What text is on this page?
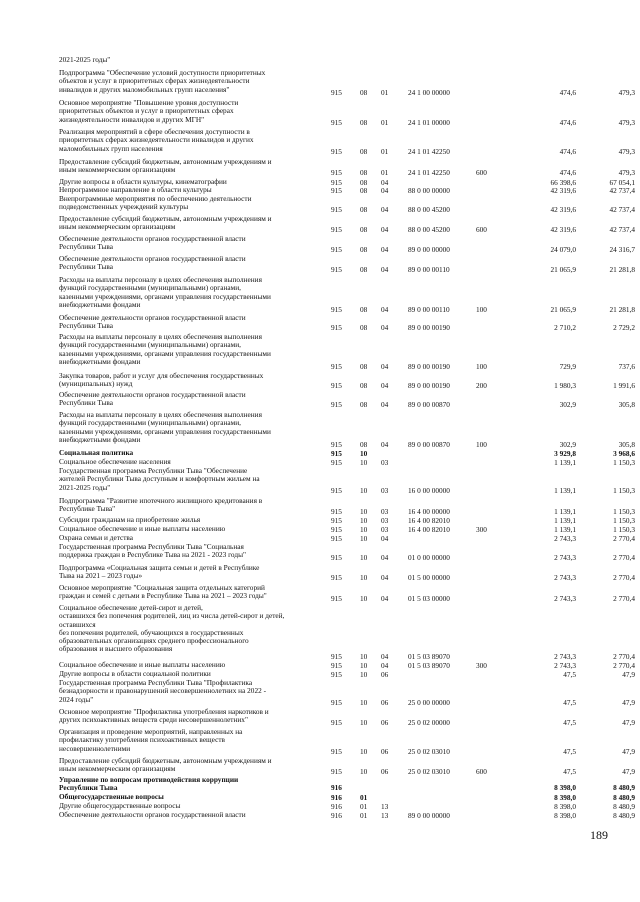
2021-2025 годы"
Подпрограмма "Обеспечение условий доступности приоритетных
объектов и услуг в приоритетных сферах жизнедеятельности
инвалидов и других маломобильных групп населения"	915 08 01	24 1 00 00000	474,6	479,3
Основное мероприятие "Повышение уровня доступности
приоритетных объектов и услуг в приоритетных сферах
жизнедеятельности инвалидов и других МГН"	915 08 01	24 1 01 00000	474,6	479,3
Реализация мероприятий в сфере обеспечения доступности в
приоритетных сферах жизнедеятельности инвалидов и других
маломобильных групп населения	915 08 01	24 1 01 42250	474,6	479,3
Предоставление субсидий бюджетным, автономным учреждениям и
иным некоммерческим организациям	915 08 01	24 1 01 42250	600	474,6	479,3
Другие вопросы в области культуры, кинематографии	915 08 04	66 398,6	67 054,1
Непрограммное направление в области культуры	915 08 04	88 0 00 00000	42 319,6	42 737,4
Внепрограммные мероприятия по обеспечению деятельности
подведомственных учреждений культуры	915 08 04	88 0 00 45200	42 319,6	42 737,4
Предоставление субсидий бюджетным, автономным учреждениям и
иным некоммерческим организациям	915 08 04	88 0 00 45200	600	42 319,6	42 737,4
Обеспечение деятельности органов государственной власти
Республики Тыва	915 08 04	89 0 00 00000	24 079,0	24 316,7
Обеспечение деятельности органов государственной власти
Республики Тыва	915 08 04	89 0 00 00110	21 065,9	21 281,8
Расходы на выплаты персоналу в целях обеспечения выполнения
функций государственными (муниципальными) органами,
казенными учреждениями, органами управления государственными
внебюджетными фондами
915 08 04	89 0 00 00110	100	21 065,9	21 281,8
Обеспечение деятельности органов государственной власти
Республики Тыва	915 08 04	89 0 00 00190	2 710,2	2 729,2
Расходы на выплаты персоналу в целях обеспечения выполнения
функций государственными (муниципальными) органами,
казенными учреждениями, органами управления государственными
внебюджетными фондами
915 08 04	89 0 00 00190	100	729,9	737,6
Закупка товаров, работ и услуг для обеспечения государственных
(муниципальных) нужд	915 08 04	89 0 00 00190	200	1 980,3	1 991,6
Обеспечение деятельности органов государственной власти
Республики Тыва	915 08 04	89 0 00 00870	302,9	305,8
Расходы на выплаты персоналу в целях обеспечения выполнения
функций государственными (муниципальными) органами,
казенными учреждениями, органами управления государственными
внебюджетными фондами
915 08 04	89 0 00 00870	100	302,9	305,8
Социальная политика	915 10	3 929,8	3 968,6
Социальное обеспечение населения	915 10 03	1 139,1	1 150,3
Государственная программа Республики Тыва "Обеспечение
жителей Республики Тыва доступным и комфортным жильем на
2021-2025 годы"	915 10 03	16 0 00 00000	1 139,1	1 150,3
Подпрограмма "Развитие ипотечного жилищного кредитования в
Республике Тыва"	915 10 03	16 4 00 00000	1 139,1	1 150,3
Субсидии гражданам на приобретение жилья	915 10 03	16 4 00 82010	1 139,1	1 150,3
Социальное обеспечение и иные выплаты населению	915 10 03	16 4 00 82010	300	1 139,1	1 150,3
Охрана семьи и детства	915 10 04	2 743,3	2 770,4
Государственная программа Республики Тыва "Социальная
поддержка граждан в Республике Тыва на 2021 - 2023 годы"	915 10 04	01 0 00 00000	2 743,3	2 770,4
Подпрограмма «Социальная защита семьи и детей в Республике
Тыва на 2021 – 2023 годы»	915 10 04	01 5 00 00000	2 743,3	2 770,4
Основное мероприятие "Социальная защита отдельных категорий
граждан и семей с детьми в Республике Тыва на 2021 – 2023 годы"	915 10 04	01 5 03 00000	2 743,3	2 770,4
Социальное обеспечение детей-сирот и детей,
оставшихся без попечения родителей, лиц из числа детей-сирот и детей, оставшихся
без попечения родителей, обучающихся в государственных
образовательных организациях среднего профессионального
образования и высшего образования
915 10 04	01 5 03 89070	2 743,3	2 770,4
Социальное обеспечение и иные выплаты населению	915 10 04	01 5 03 89070	300	2 743,3	2 770,4
Другие вопросы в области социальной политики	915 10 06	47,5	47,9
Государственная программа Республики Тыва "Профилактика
безнадзорности и правонарушений несовершеннолетних на 2022 -
2024 годы"	915 10 06	25 0 00 00000	47,5	47,9
Основное мероприятие "Профилактика употребления наркотиков и
других психоактивных веществ среди несовершеннолетних"	915 10 06	25 0 02 00000	47,5	47,9
Организация и проведение мероприятий, направленных на
профилактику употребления психоактивных веществ
несовершеннолетними	915 10 06	25 0 02 03010	47,5	47,9
Предоставление субсидий бюджетным, автономным учреждениям и
иным некоммерческим организациям	915 10 06	25 0 02 03010	600	47,5	47,9
Управление по вопросам противодействия коррупции
Республики Тыва	916	8 398,0	8 480,9
Общегосударственные вопросы	916 01	8 398,0	8 480,9
Другие общегосударственные вопросы	916 01 13	8 398,0	8 480,9
Обеспечение деятельности органов государственной власти	916 01 13	89 0 00 00000	8 398,0	8 480,9
189
